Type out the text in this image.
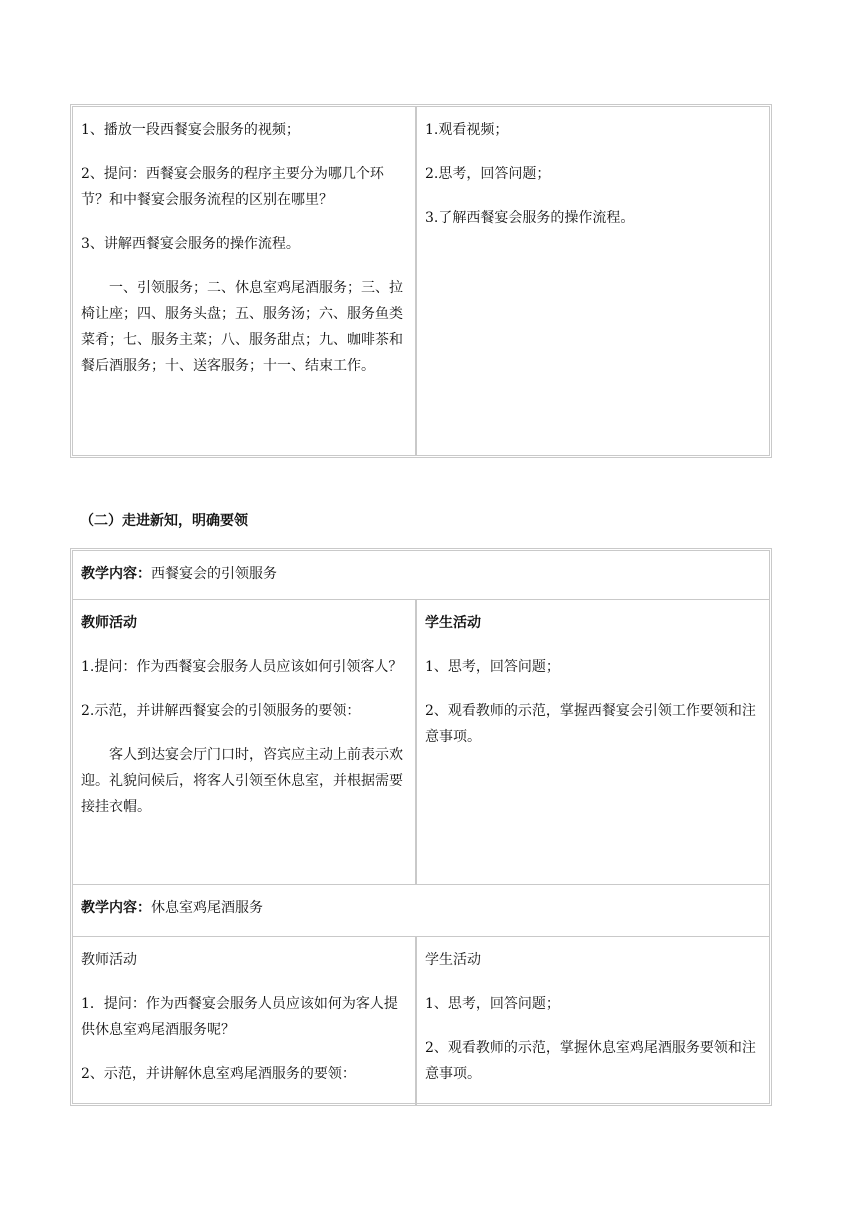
1、播放一段西餐宴会服务的视频；

2、提问：西餐宴会服务的程序主要分为哪几个环节？和中餐宴会服务流程的区别在哪里？

3、讲解西餐宴会服务的操作流程。

一、引领服务；二、休息室鸡尾酒服务；三、拉椅让座；四、服务头盘；五、服务汤；六、服务鱼类菜肴；七、服务主菜；八、服务甜点；九、咖啡茶和餐后酒服务；十、送客服务；十一、结束工作。

1.观看视频；

2.思考，回答问题；

3.了解西餐宴会服务的操作流程。

（二）走进新知，明确要领
教学内容：西餐宴会的引领服务

教师活动

1.提问：作为西餐宴会服务人员应该如何引领客人？

2.示范，并讲解西餐宴会的引领服务的要领：

客人到达宴会厅门口时，咨宾应主动上前表示欢迎。礼貌问候后，将客人引领至休息室，并根据需要接挂衣帽。

学生活动

1、思考，回答问题；

2、观看教师的示范，掌握西餐宴会引领工作要领和注意事项。

教学内容：休息室鸡尾酒服务

教师活动

1．提问：作为西餐宴会服务人员应该如何为客人提供休息室鸡尾酒服务呢？

2、示范，并讲解休息室鸡尾酒服务的要领：

学生活动

1、思考，回答问题；

2、观看教师的示范，掌握休息室鸡尾酒服务要领和注意事项。
